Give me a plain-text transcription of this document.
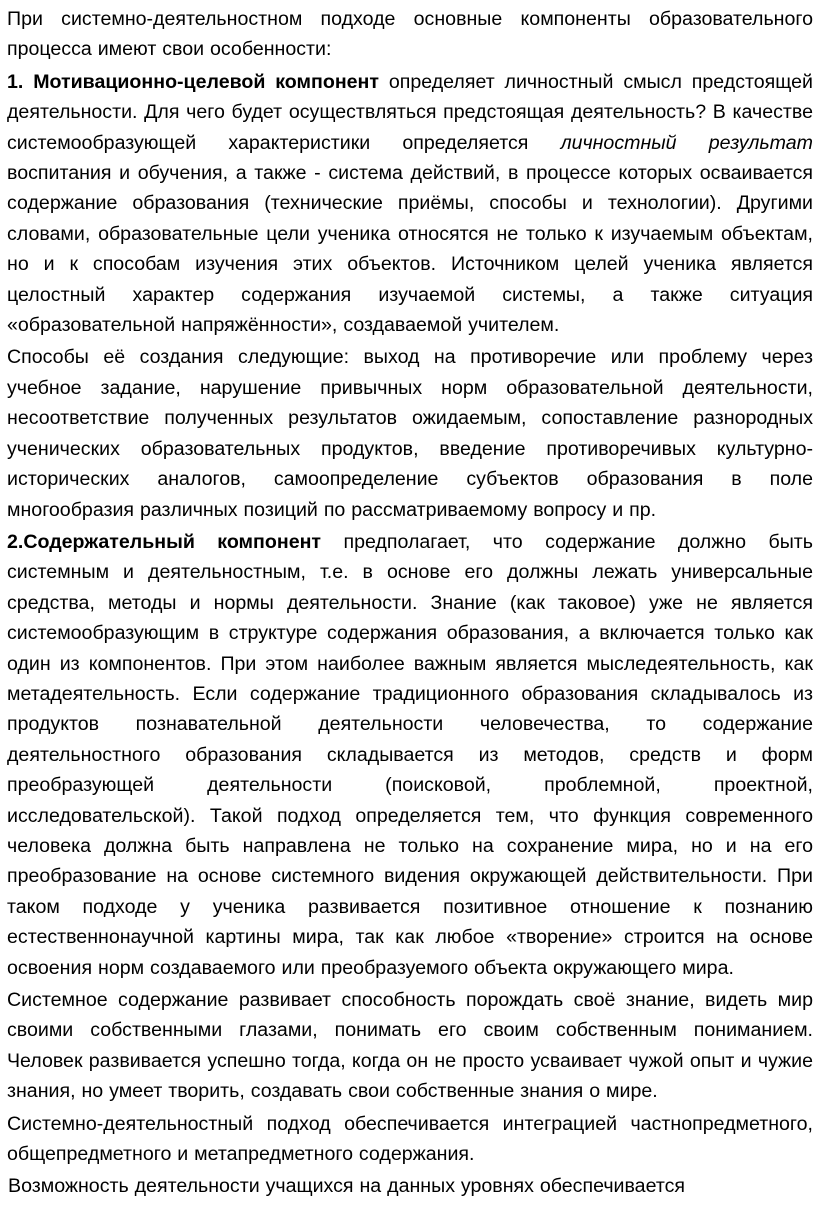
При системно-деятельностном подходе основные компоненты образовательного процесса имеют свои особенности:

1. Мотивационно-целевой компонент определяет личностный смысл предстоящей деятельности. Для чего будет осуществляться предстоящая деятельность? В качестве системообразующей характеристики определяется личностный результат воспитания и обучения, а также - система действий, в процессе которых осваивается содержание образования (технические приёмы, способы и технологии). Другими словами, образовательные цели ученика относятся не только к изучаемым объектам, но и к способам изучения этих объектов. Источником целей ученика является целостный характер содержания изучаемой системы, а также ситуация «образовательной напряжённости», создаваемой учителем.

Способы её создания следующие: выход на противоречие или проблему через учебное задание, нарушение привычных норм образовательной деятельности, несоответствие полученных результатов ожидаемым, сопоставление разнородных ученических образовательных продуктов, введение противоречивых культурно-исторических аналогов, самоопределение субъектов образования в поле многообразия различных позиций по рассматриваемому вопросу и пр.

2.Содержательный компонент предполагает, что содержание должно быть системным и деятельностным, т.е. в основе его должны лежать универсальные средства, методы и нормы деятельности. Знание (как таковое) уже не является системообразующим в структуре содержания образования, а включается только как один из компонентов. При этом наиболее важным является мыследеятельность, как метадеятельность. Если содержание традиционного образования складывалось из продуктов познавательной деятельности человечества, то содержание деятельностного образования складывается из методов, средств и форм преобразующей деятельности (поисковой, проблемной, проектной, исследовательской). Такой подход определяется тем, что функция современного человека должна быть направлена не только на сохранение мира, но и на его преобразование на основе системного видения окружающей действительности. При таком подходе у ученика развивается позитивное отношение к познанию естественнонаучной картины мира, так как любое «творение» строится на основе освоения норм создаваемого или преобразуемого объекта окружающего мира.

Системное содержание развивает способность порождать своё знание, видеть мир своими собственными глазами, понимать его своим собственным пониманием. Человек развивается успешно тогда, когда он не просто усваивает чужой опыт и чужие знания, но умеет творить, создавать свои собственные знания о мире.

Системно-деятельностный подход обеспечивается интеграцией частнопредметного, общепредметного и метапредметного содержания.

Возможность деятельности учащихся на данных уровнях обеспечивается
